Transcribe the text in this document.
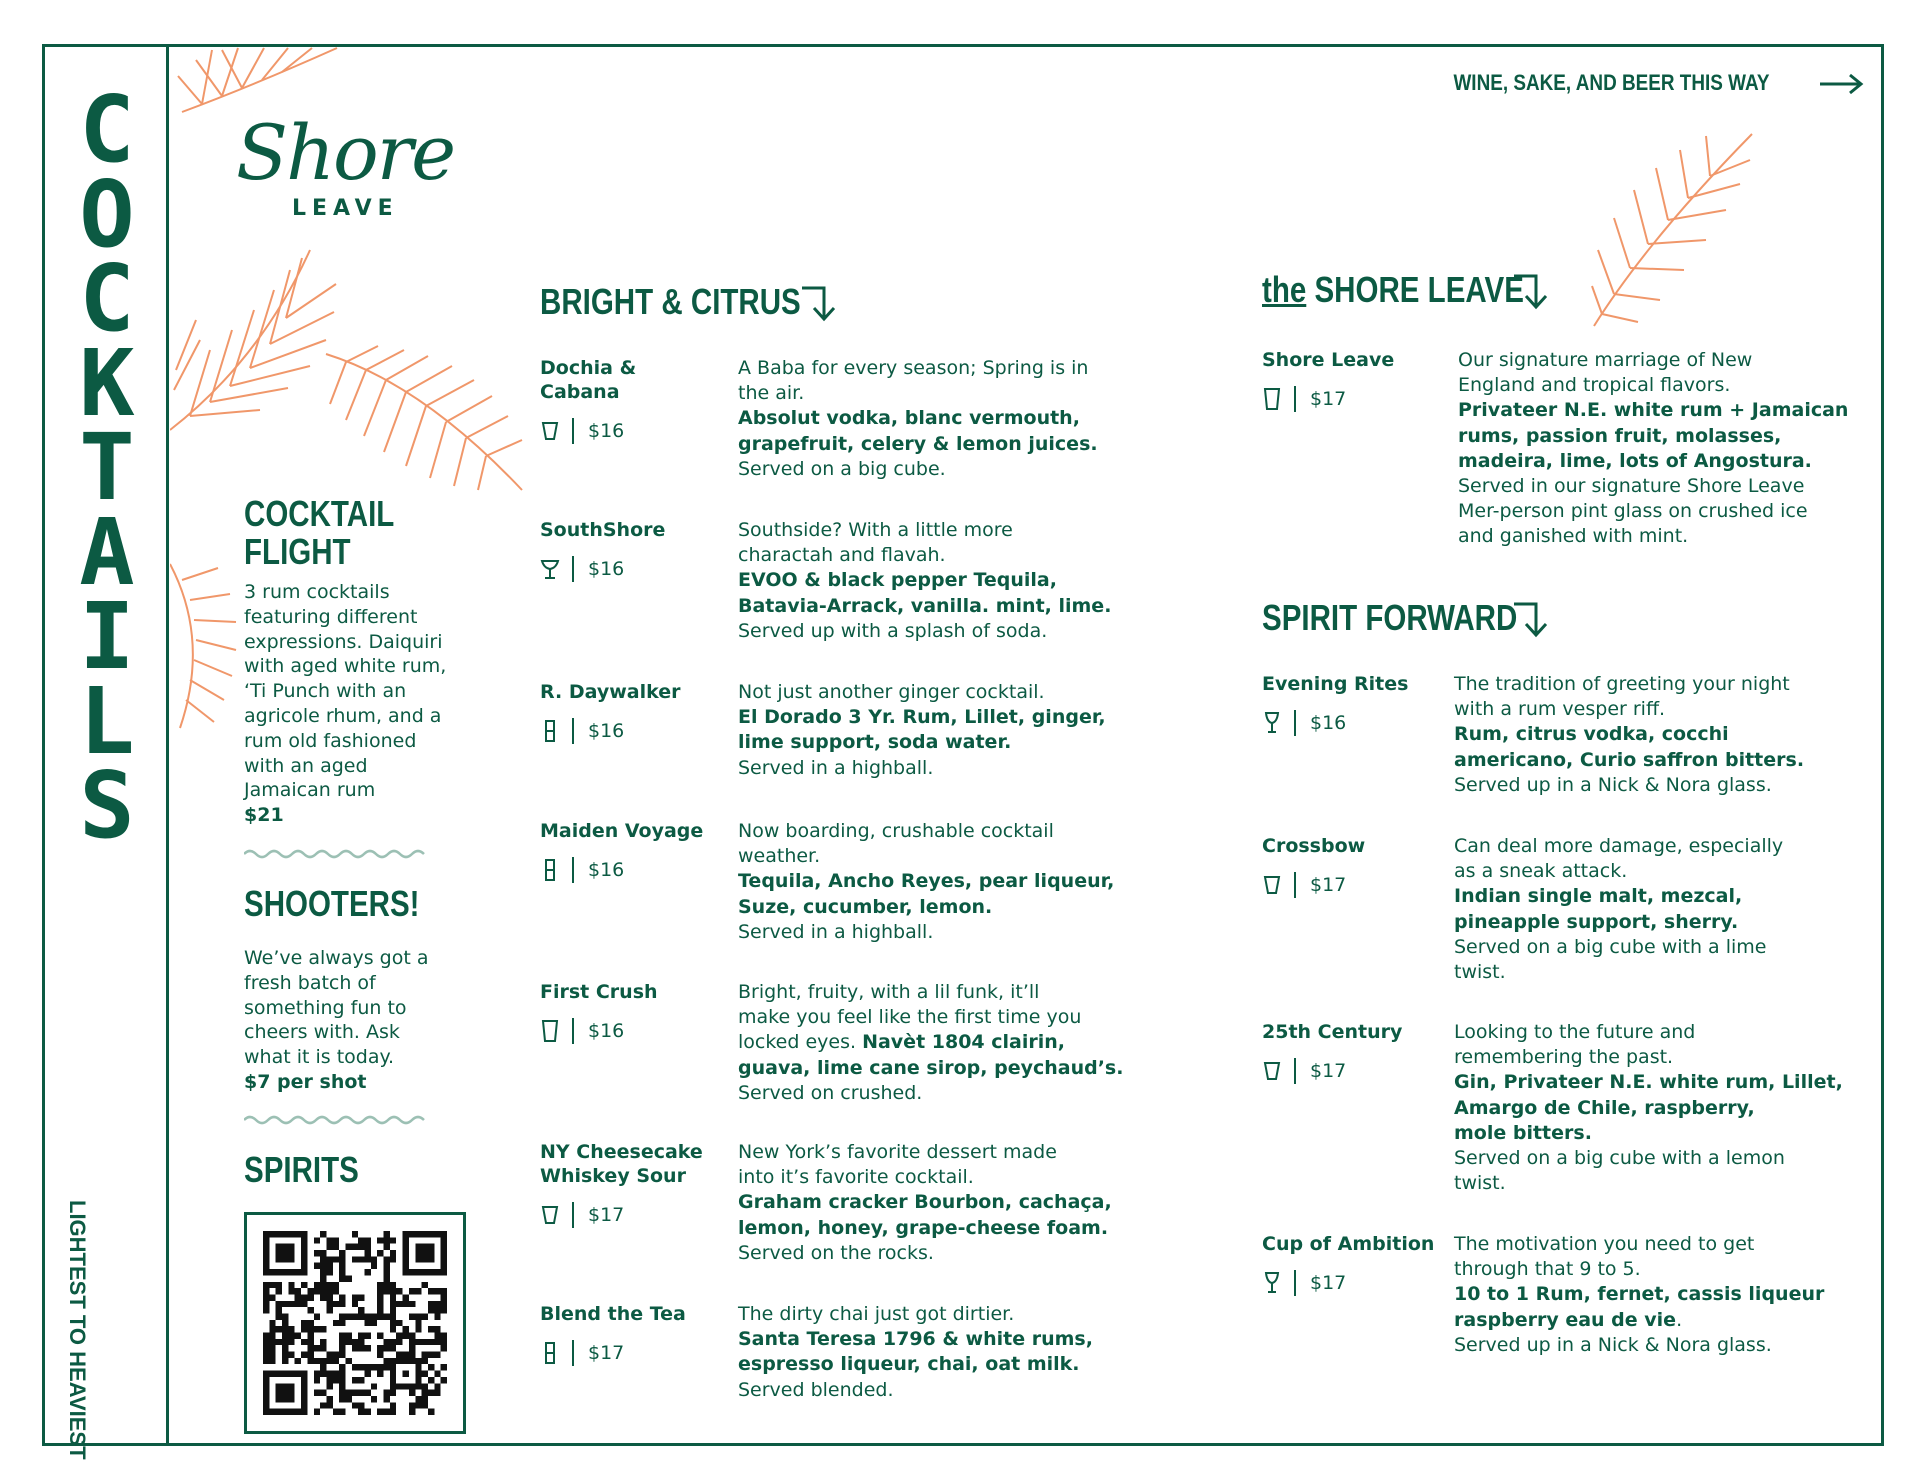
C
O
C
K
T
A
I
L
S
LIGHTEST TO HEAVIEST
Shore
LEAVE
WINE, SAKE, AND BEER THIS WAY
COCKTAIL
FLIGHT
3 rum cocktails
featuring different
expressions. Daiquiri
with aged white rum,
‘Ti Punch with an
agricole rhum, and a
rum old fashioned
with an aged
Jamaican rum
$21
SHOOTERS!
We’ve always got a
fresh batch of
something fun to
cheers with. Ask
what it is today.
$7 per shot
SPIRITS
BRIGHT & CITRUS	the SHORE LEAVE
SPIRIT FORWARD
Dochia &
Cabana
$16
A Baba for every season; Spring is in
the air.
Absolut vodka, blanc vermouth,
grapefruit, celery & lemon juices.
Served on a big cube.
SouthShore
$16
Southside? With a little more
charactah and flavah.
EVOO & black pepper Tequila,
Batavia-Arrack, vanilla. mint, lime.
Served up with a splash of soda.
R. Daywalker
$16
Not just another ginger cocktail.
El Dorado 3 Yr. Rum, Lillet, ginger,
lime support, soda water.
Served in a highball.
Maiden Voyage
$16
Now boarding, crushable cocktail
weather.
Tequila, Ancho Reyes, pear liqueur,
Suze, cucumber, lemon.
Served in a highball.
First Crush
$16
Bright, fruity, with a lil funk, it’ll
make you feel like the first time you
locked eyes. Navèt 1804 clairin,
guava, lime cane sirop, peychaud’s.
Served on crushed.
NY Cheesecake
Whiskey Sour
$17
New York’s favorite dessert made
into it’s favorite cocktail.
Graham cracker Bourbon, cachaça,
lemon, honey, grape-cheese foam.
Served on the rocks.
Blend the Tea
$17
The dirty chai just got dirtier.
Santa Teresa 1796 & white rums,
espresso liqueur, chai, oat milk.
Served blended.
Shore Leave
$17
Our signature marriage of New
England and tropical flavors.
Privateer N.E. white rum + Jamaican
rums, passion fruit, molasses,
madeira, lime, lots of Angostura.
Served in our signature Shore Leave
Mer-person pint glass on crushed ice
and ganished with mint.
Evening Rites
$16
The tradition of greeting your night
with a rum vesper riff.
Rum, citrus vodka, cocchi
americano, Curio saffron bitters.
Served up in a Nick & Nora glass.
Crossbow
$17
Can deal more damage, especially
as a sneak attack.
Indian single malt, mezcal,
pineapple support, sherry.
Served on a big cube with a lime
twist.
25th Century
$17
Looking to the future and
remembering the past.
Gin, Privateer N.E. white rum, Lillet,
Amargo de Chile, raspberry,
mole bitters.
Served on a big cube with a lemon
twist.
Cup of Ambition
$17
The motivation you need to get
through that 9 to 5.
10 to 1 Rum, fernet, cassis liqueur
raspberry eau de vie.
Served up in a Nick & Nora glass.
